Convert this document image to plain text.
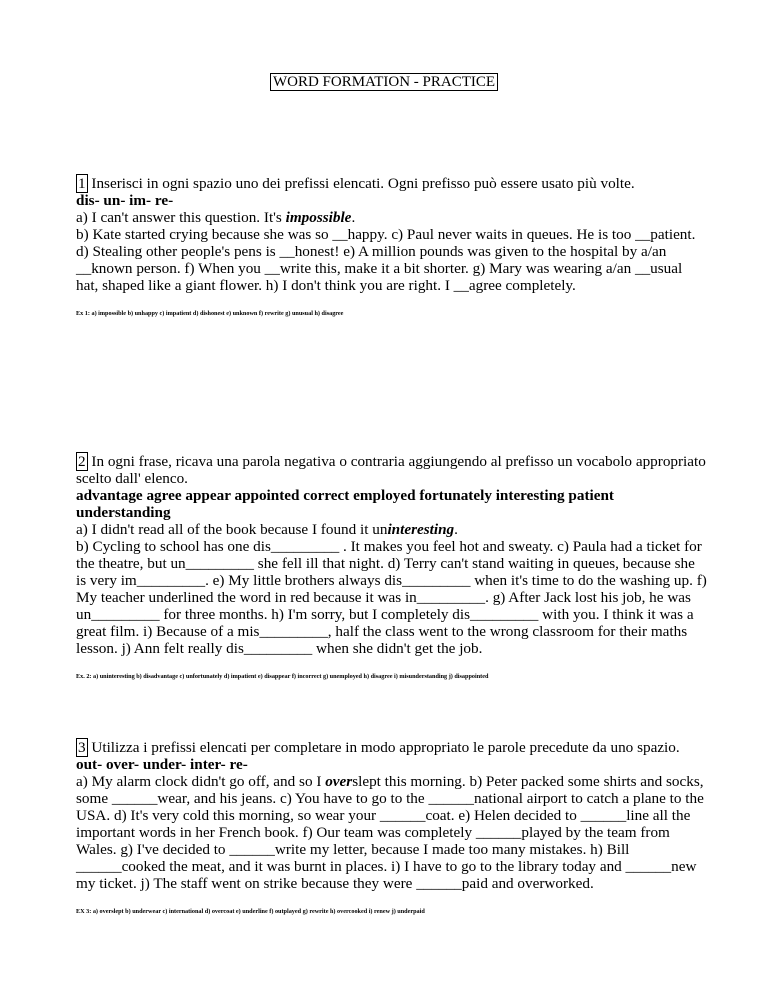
WORD FORMATION - PRACTICE

1 Inserisci in ogni spazio uno dei prefissi elencati. Ogni prefisso può essere usato più volte.

dis- un- im- re-

a) I can't answer this question. It's impossible.

b) Kate started crying because she was so __happy. c) Paul never waits in queues. He is too __patient. d) Stealing other people's pens is __honest! e) A million pounds was given to the hospital by a/an __known person. f) When you __write this, make it a bit shorter. g) Mary was wearing a/an __usual hat, shaped like a giant flower. h) I don't think you are right. I __agree completely.

Ex 1: a) impossible b) unhappy c) impatient d) dishonest e) unknown f) rewrite g) unusual h) disagree

2 In ogni frase, ricava una parola negativa o contraria aggiungendo al prefisso un vocabolo appropriato scelto dall' elenco.

advantage agree appear appointed correct employed fortunately interesting patient understanding

a) I didn't read all of the book because I found it uninteresting.

b) Cycling to school has one dis_________ . It makes you feel hot and sweaty. c) Paula had a ticket for the theatre, but un_________ she fell ill that night. d) Terry can't stand waiting in queues, because she is very im_________. e) My little brothers always dis_________ when it's time to do the washing up. f) My teacher underlined the word in red because it was in_________. g) After Jack lost his job, he was un_________ for three months. h) I'm sorry, but I completely dis_________ with you. I think it was a great film. i) Because of a mis_________, half the class went to the wrong classroom for their maths lesson. j) Ann felt really dis_________ when she didn't get the job.

Ex. 2: a) uninteresting b) disadvantage c) unfortunately d) impatient e) disappear f) incorrect g) unemployed h) disagree i) misunderstanding j) disappointed

3 Utilizza i prefissi elencati per completare in modo appropriato le parole precedute da uno spazio.

out- over- under- inter- re-

a) My alarm clock didn't go off, and so I overslept this morning. b) Peter packed some shirts and socks, some ______wear, and his jeans. c) You have to go to the ______national airport to catch a plane to the USA. d) It's very cold this morning, so wear your ______coat. e) Helen decided to ______line all the important words in her French book. f) Our team was completely ______played by the team from Wales. g) I've decided to ______write my letter, because I made too many mistakes. h) Bill ______cooked the meat, and it was burnt in places. i) I have to go to the library today and ______new my ticket. j) The staff went on strike because they were ______paid and overworked.

EX 3: a) overslept b) underwear c) international d) overcoat e) underline f) outplayed g) rewrite h) overcooked i) renew j) underpaid
